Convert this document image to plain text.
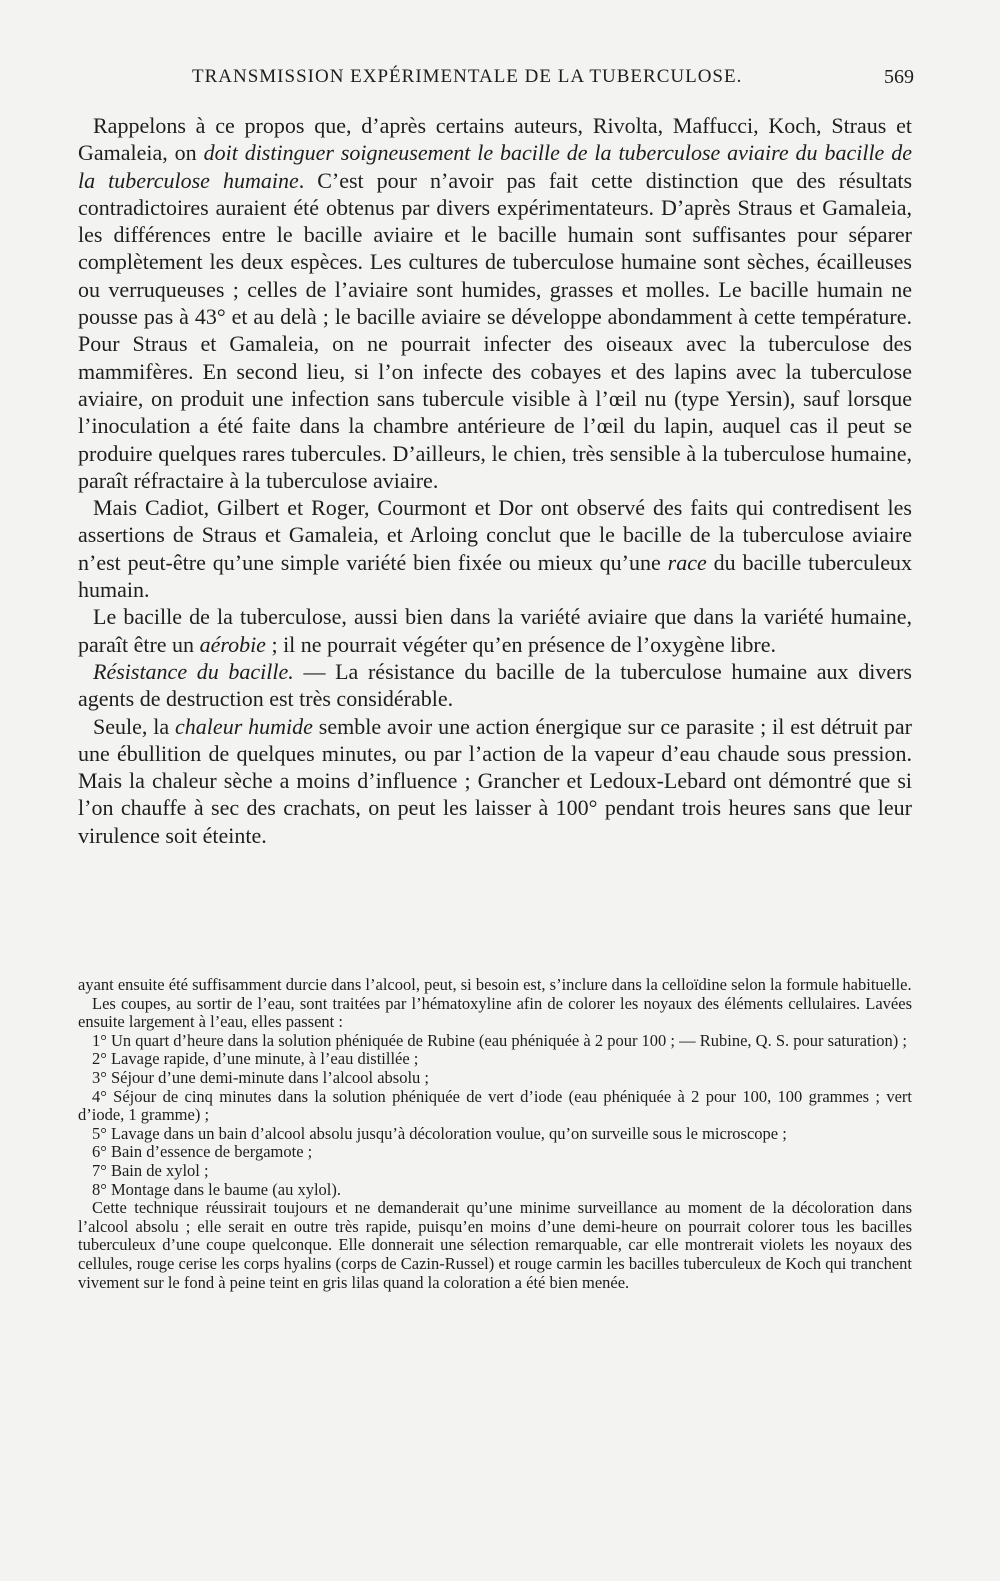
TRANSMISSION EXPÉRIMENTALE DE LA TUBERCULOSE.	569

Rappelons à ce propos que, d’après certains auteurs, Rivolta, Maffucci, Koch, Straus et Gamaleia, on doit distinguer soigneusement le bacille de la tuberculose aviaire du bacille de la tuberculose humaine. C’est pour n’avoir pas fait cette distinction que des résultats contradictoires auraient été obtenus par divers expérimentateurs. D’après Straus et Gamaleia, les différences entre le bacille aviaire et le bacille humain sont suffisantes pour séparer complètement les deux espèces. Les cultures de tuberculose humaine sont sèches, écailleuses ou verruqueuses ; celles de l’aviaire sont humides, grasses et molles. Le bacille humain ne pousse pas à 43° et au delà ; le bacille aviaire se développe abondamment à cette température. Pour Straus et Gamaleia, on ne pourrait infecter des oiseaux avec la tuberculose des mammifères. En second lieu, si l’on infecte des cobayes et des lapins avec la tuberculose aviaire, on produit une infection sans tubercule visible à l’œil nu (type Yersin), sauf lorsque l’inoculation a été faite dans la chambre antérieure de l’œil du lapin, auquel cas il peut se produire quelques rares tubercules. D’ailleurs, le chien, très sensible à la tuberculose humaine, paraît réfractaire à la tuberculose aviaire.

Mais Cadiot, Gilbert et Roger, Courmont et Dor ont observé des faits qui contredisent les assertions de Straus et Gamaleia, et Arloing conclut que le bacille de la tuberculose aviaire n’est peut-être qu’une simple variété bien fixée ou mieux qu’une race du bacille tuberculeux humain.

Le bacille de la tuberculose, aussi bien dans la variété aviaire que dans la variété humaine, paraît être un aérobie ; il ne pourrait végéter qu’en présence de l’oxygène libre.

Résistance du bacille. — La résistance du bacille de la tuberculose humaine aux divers agents de destruction est très considérable.

Seule, la chaleur humide semble avoir une action énergique sur ce parasite ; il est détruit par une ébullition de quelques minutes, ou par l’action de la vapeur d’eau chaude sous pression. Mais la chaleur sèche a moins d’influence ; Grancher et Ledoux-Lebard ont démontré que si l’on chauffe à sec des crachats, on peut les laisser à 100° pendant trois heures sans que leur virulence soit éteinte.

ayant ensuite été suffisamment durcie dans l’alcool, peut, si besoin est, s’inclure dans la celloïdine selon la formule habituelle.

Les coupes, au sortir de l’eau, sont traitées par l’hématoxyline afin de colorer les noyaux des éléments cellulaires. Lavées ensuite largement à l’eau, elles passent :

1° Un quart d’heure dans la solution phéniquée de Rubine (eau phéniquée à 2 pour 100 ; — Rubine, Q. S. pour saturation) ;

2° Lavage rapide, d’une minute, à l’eau distillée ;

3° Séjour d’une demi-minute dans l’alcool absolu ;

4° Séjour de cinq minutes dans la solution phéniquée de vert d’iode (eau phéniquée à 2 pour 100, 100 grammes ; vert d’iode, 1 gramme) ;

5° Lavage dans un bain d’alcool absolu jusqu’à décoloration voulue, qu’on surveille sous le microscope ;

6° Bain d’essence de bergamote ;

7° Bain de xylol ;

8° Montage dans le baume (au xylol).

Cette technique réussirait toujours et ne demanderait qu’une minime surveillance au moment de la décoloration dans l’alcool absolu ; elle serait en outre très rapide, puisqu’en moins d’une demi-heure on pourrait colorer tous les bacilles tuberculeux d’une coupe quelconque. Elle donnerait une sélection remarquable, car elle montrerait violets les noyaux des cellules, rouge cerise les corps hyalins (corps de Cazin-Russel) et rouge carmin les bacilles tuberculeux de Koch qui tranchent vivement sur le fond à peine teint en gris lilas quand la coloration a été bien menée.
